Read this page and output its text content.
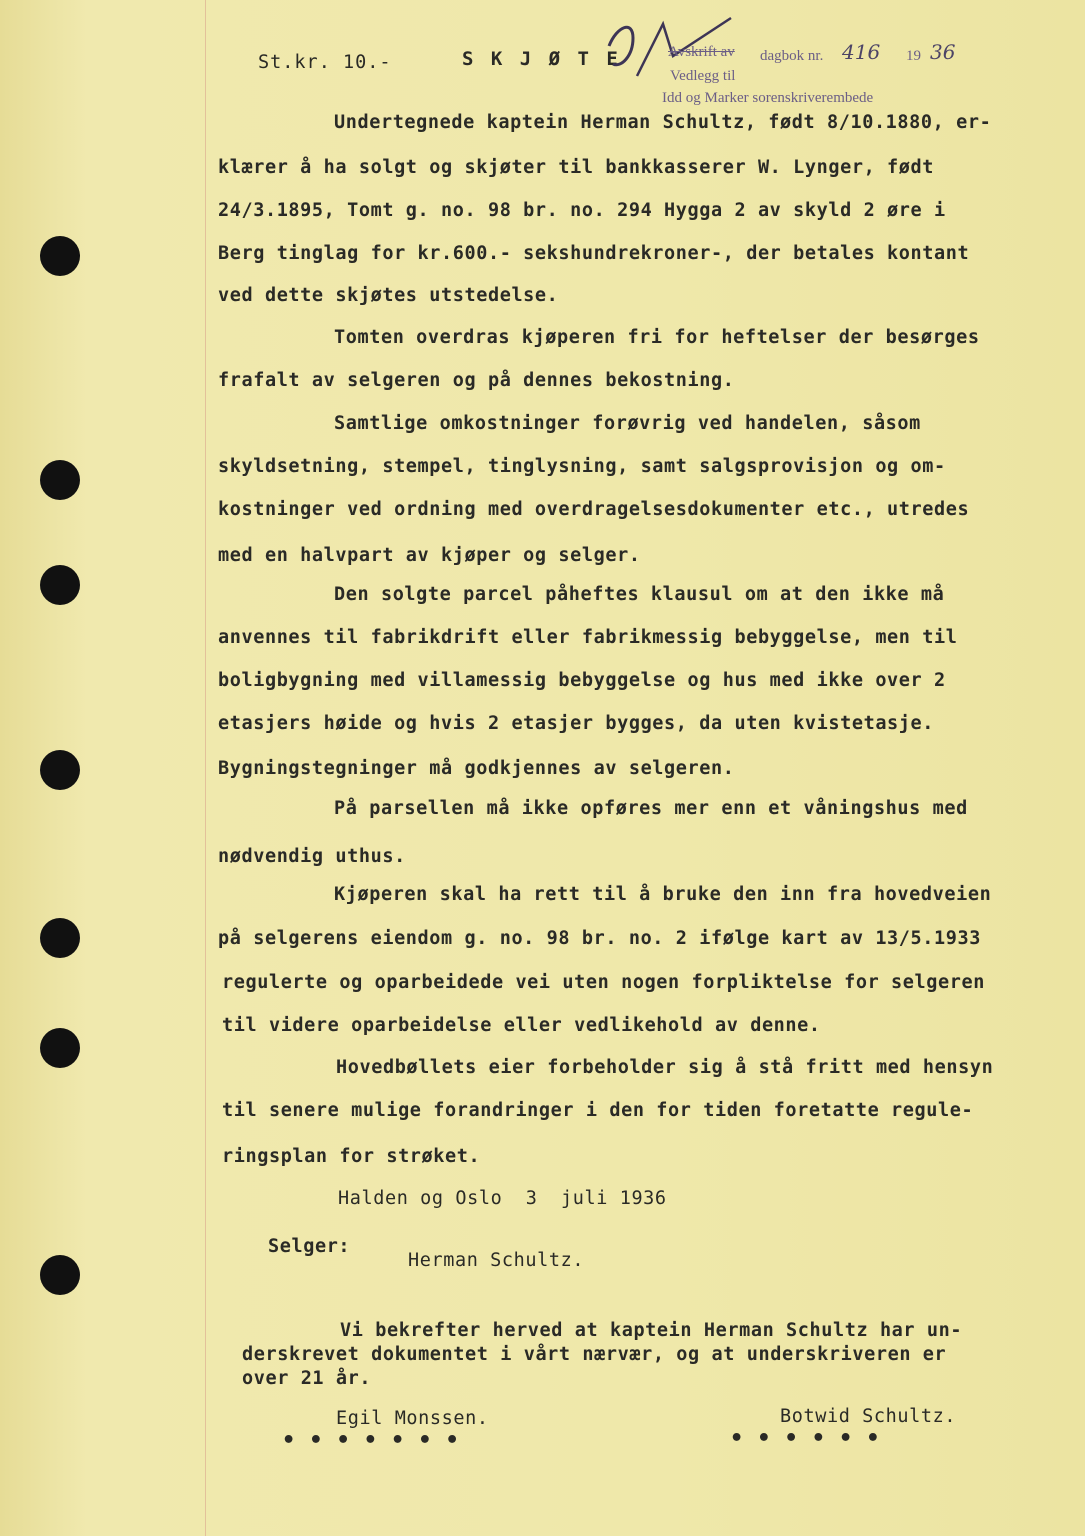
St.kr. 10.-	S K J Ø T E	Avskrift av dagbok nr. 416 19 36
Vedlegg til
Idd og Marker sorenskriverembede
Undertegnede kaptein Herman Schultz, født 8/10.1880, er-
klærer å ha solgt og skjøter til bankkasserer W. Lynger, født
24/3.1895, Tomt g. no. 98 br. no. 294 Hygga 2 av skyld 2 øre i
Berg tinglag for kr.600.- sekshundrekroner-, der betales kontant
ved dette skjøtes utstedelse.
Tomten overdras kjøperen fri for heftelser der besørges
frafalt av selgeren og på dennes bekostning.
Samtlige omkostninger forøvrig ved handelen, såsom
skyldsetning, stempel, tinglysning, samt salgsprovisjon og om-
kostninger ved ordning med overdragelsesdokumenter etc., utredes
med en halvpart av kjøper og selger.
Den solgte parcel påheftes klausul om at den ikke må
anvennes til fabrikdrift eller fabrikmessig bebyggelse, men til
boligbygning med villamessig bebyggelse og hus med ikke over 2
etasjers høide og hvis 2 etasjer bygges, da uten kvistetasje.
Bygningstegninger må godkjennes av selgeren.
På parsellen må ikke opføres mer enn et våningshus med
nødvendig uthus.
Kjøperen skal ha rett til å bruke den inn fra hovedveien
på selgerens eiendom g. no. 98 br. no. 2 ifølge kart av 13/5.1933
regulerte og oparbeidede vei uten nogen forpliktelse for selgeren
til videre oparbeidelse eller vedlikehold av denne.
Hovedbøllets eier forbeholder sig å stå fritt med hensyn
til senere mulige forandringer i den for tiden foretatte regule-
ringsplan for strøket.
Halden og Oslo  3  juli 1936
Selger:
Herman Schultz.
Vi bekrefter herved at kaptein Herman Schultz har un-
derskrevet dokumentet i vårt nærvær, og at underskriveren er
over 21 år.
Egil Monssen.
•••••••
Botwid Schultz.
••••••
